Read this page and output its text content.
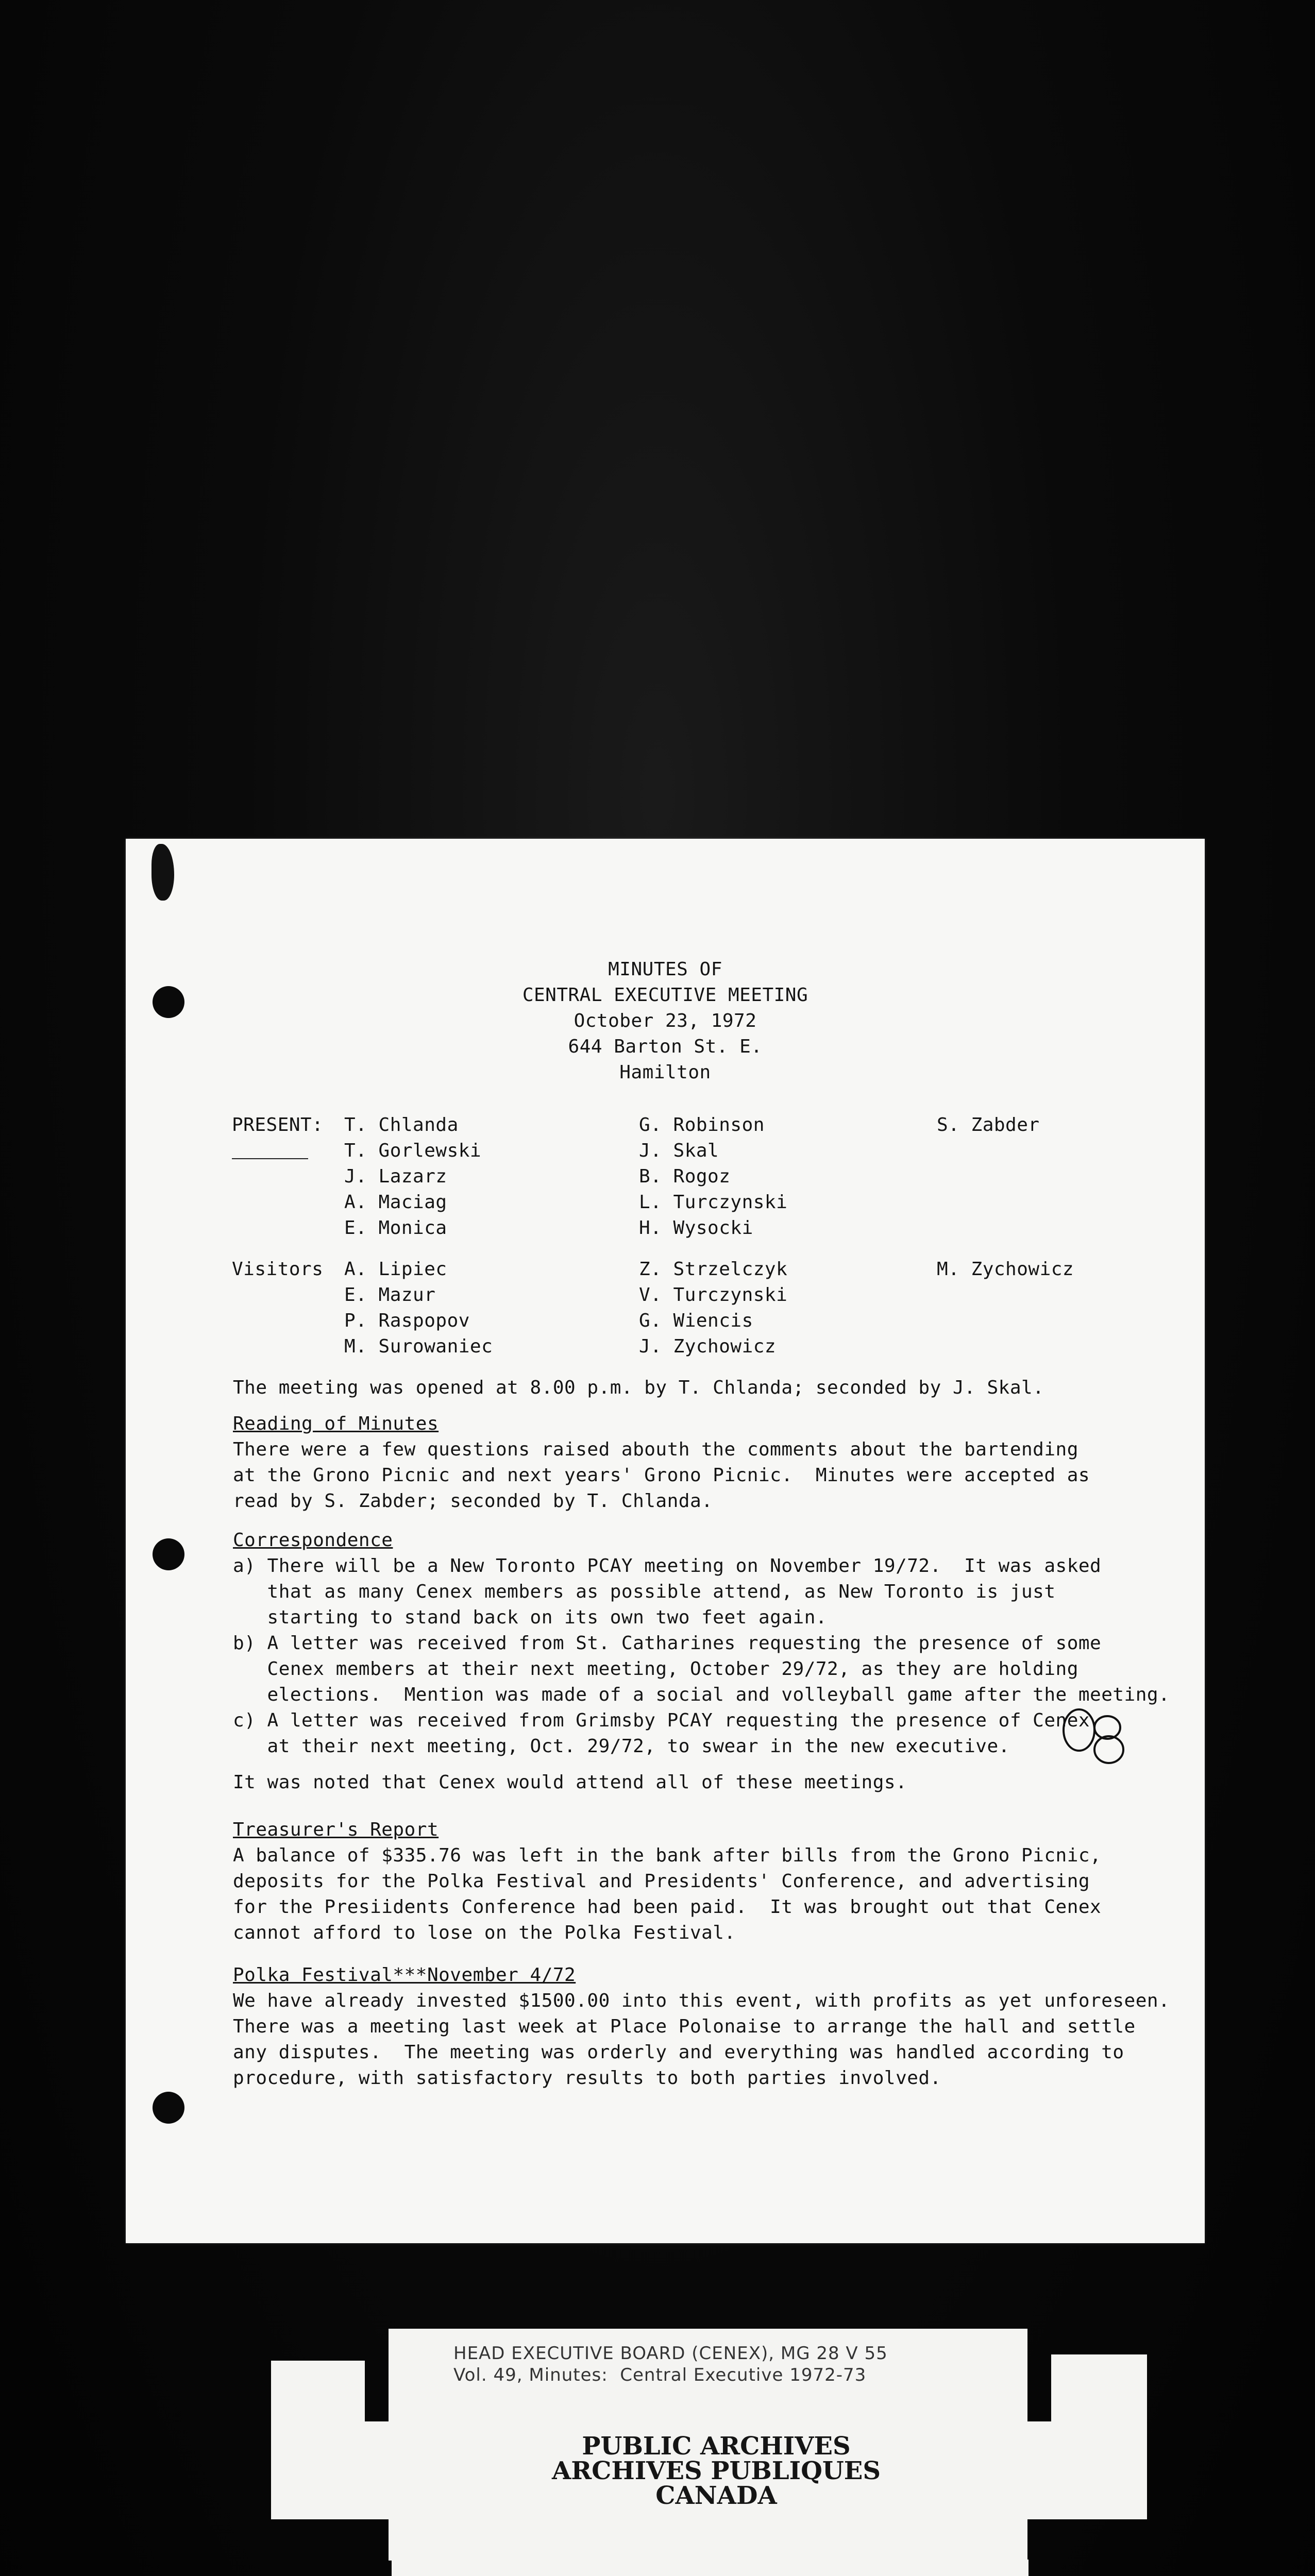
MINUTES OF
CENTRAL EXECUTIVE MEETING
October 23, 1972
644 Barton St. E.
Hamilton
PRESENT: T. Chlanda
T. Gorlewski
J. Lazarz
A. Maciag
E. Monica
G. Robinson
J. Skal
B. Rogoz
L. Turczynski
H. Wysocki
S. Zabder
Visitors A. Lipiec
E. Mazur
P. Raspopov
M. Surowaniec
Z. Strzelczyk
V. Turczynski
G. Wiencis
J. Zychowicz
M. Zychowicz
The meeting was opened at 8.00 p.m. by T. Chlanda; seconded by J. Skal.
Reading of Minutes
There were a few questions raised abouth the comments about the bartending
at the Grono Picnic and next years' Grono Picnic.  Minutes were accepted as
read by S. Zabder; seconded by T. Chlanda.
Correspondence
a) There will be a New Toronto PCAY meeting on November 19/72.  It was asked
that as many Cenex members as possible attend, as New Toronto is just
starting to stand back on its own two feet again.
b) A letter was received from St. Catharines requesting the presence of some
Cenex members at their next meeting, October 29/72, as they are holding
elections.  Mention was made of a social and volleyball game after the meeting.
c) A letter was received from Grimsby PCAY requesting the presence of Cenex
at their next meeting, Oct. 29/72, to swear in the new executive.
It was noted that Cenex would attend all of these meetings.
Treasurer's Report
A balance of $335.76 was left in the bank after bills from the Grono Picnic,
deposits for the Polka Festival and Presidents' Conference, and advertising
for the Presiidents Conference had been paid.  It was brought out that Cenex
cannot afford to lose on the Polka Festival.
Polka Festival***November 4/72
We have already invested $1500.00 into this event, with profits as yet unforeseen.
There was a meeting last week at Place Polonaise to arrange the hall and settle
any disputes.  The meeting was orderly and everything was handled according to
procedure, with satisfactory results to both parties involved.
HEAD EXECUTIVE BOARD (CENEX), MG 28 V 55
Vol. 49, Minutes:  Central Executive 1972-73
PUBLIC ARCHIVES
ARCHIVES PUBLIQUES
CANADA
